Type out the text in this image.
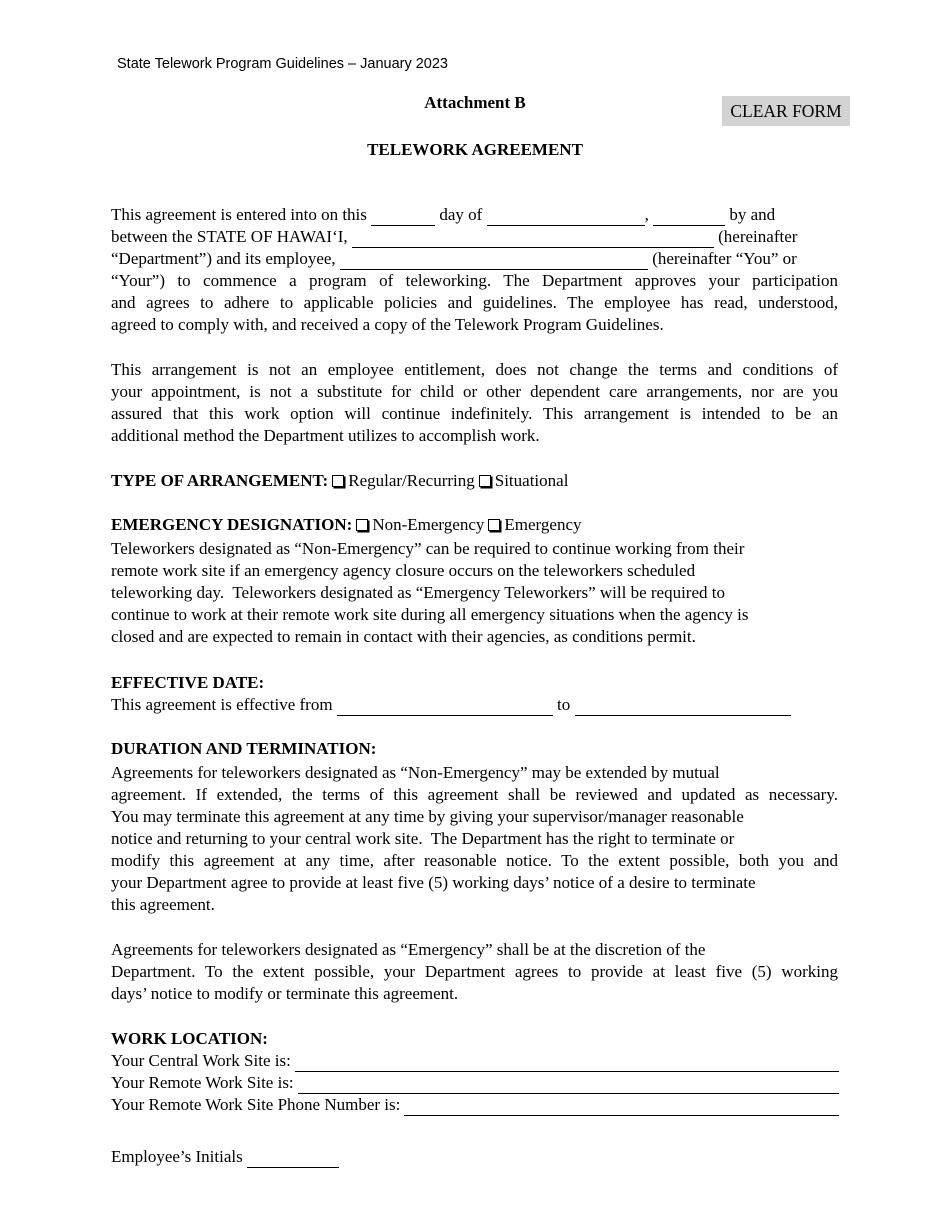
State Telework Program Guidelines – January 2023
Attachment B	CLEAR FORM
TELEWORK AGREEMENT
This agreement is entered into on this	day of	,	by and
between the STATE OF HAWAIʻI,	(hereinafter
“Department”) and its employee,	(hereinafter “You” or
“Your”) to commence a program of teleworking. The Department approves your participation
and agrees to adhere to applicable policies and guidelines. The employee has read, understood,
agreed to comply with, and received a copy of the Telework Program Guidelines.
This arrangement is not an employee entitlement, does not change the terms and conditions of
your appointment, is not a substitute for child or other dependent care arrangements, nor are you
assured that this work option will continue indefinitely. This arrangement is intended to be an
additional method the Department utilizes to accomplish work.
TYPE OF ARRANGEMENT: Regular/Recurring Situational
EMERGENCY DESIGNATION: Non-Emergency Emergency
Teleworkers designated as “Non-Emergency” can be required to continue working from their
remote work site if an emergency agency closure occurs on the teleworkers scheduled
teleworking day.  Teleworkers designated as “Emergency Teleworkers” will be required to
continue to work at their remote work site during all emergency situations when the agency is
closed and are expected to remain in contact with their agencies, as conditions permit.
EFFECTIVE DATE:
This agreement is effective from	to
DURATION AND TERMINATION:
Agreements for teleworkers designated as “Non-Emergency” may be extended by mutual
agreement. If extended, the terms of this agreement shall be reviewed and updated as necessary.
You may terminate this agreement at any time by giving your supervisor/manager reasonable
notice and returning to your central work site.  The Department has the right to terminate or
modify this agreement at any time, after reasonable notice. To the extent possible, both you and
your Department agree to provide at least five (5) working days’ notice of a desire to terminate
this agreement.
Agreements for teleworkers designated as “Emergency” shall be at the discretion of the
Department. To the extent possible, your Department agrees to provide at least five (5) working
days’ notice to modify or terminate this agreement.
WORK LOCATION:
Your Central Work Site is:
Your Remote Work Site is:
Your Remote Work Site Phone Number is:
Employee’s Initials
